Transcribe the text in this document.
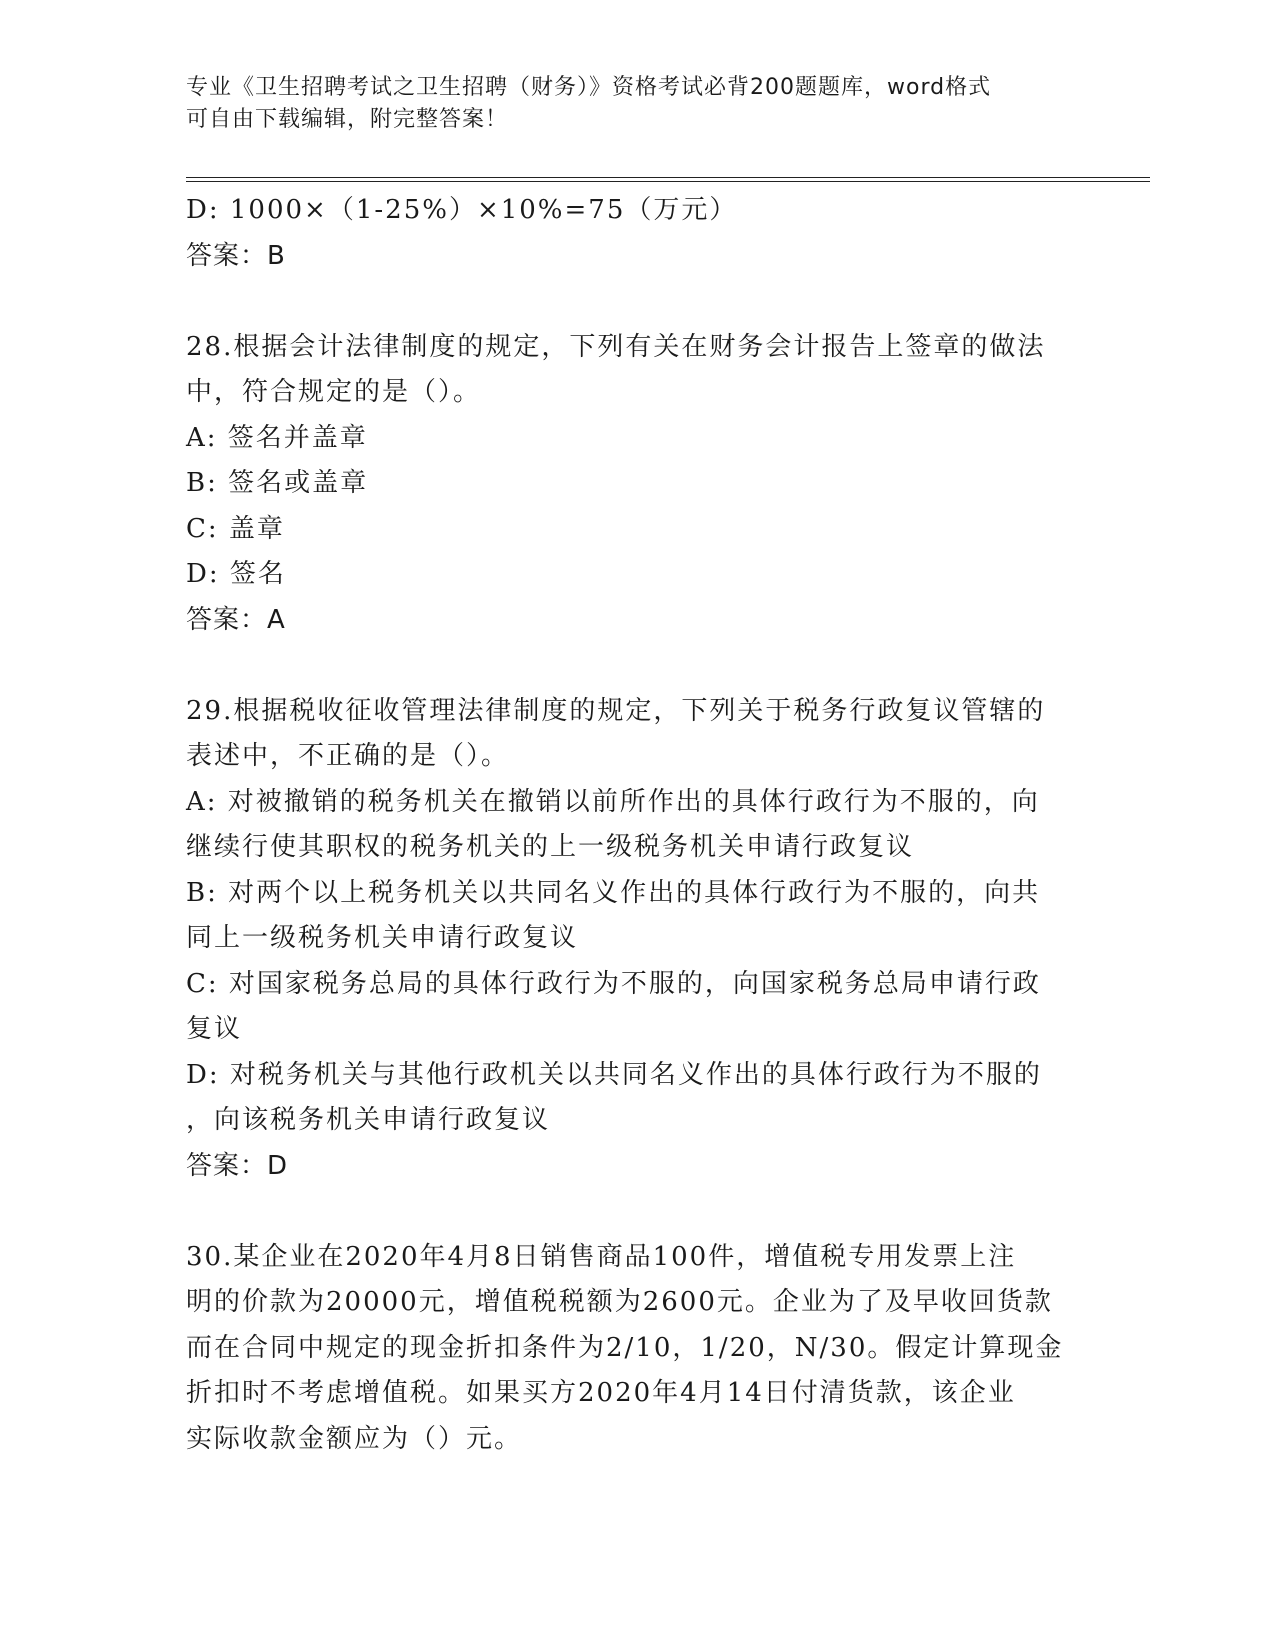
专业《卫生招聘考试之卫生招聘（财务）》资格考试必背200题题库，word格式
可自由下载编辑，附完整答案！
D: 1000×（1-25%）×10%=75（万元）
答案：B
28.根据会计法律制度的规定，下列有关在财务会计报告上签章的做法
中，符合规定的是（）。
A: 签名并盖章
B: 签名或盖章
C: 盖章
D: 签名
答案：A
29.根据税收征收管理法律制度的规定，下列关于税务行政复议管辖的
表述中，不正确的是（）。
A: 对被撤销的税务机关在撤销以前所作出的具体行政行为不服的，向
继续行使其职权的税务机关的上一级税务机关申请行政复议
B: 对两个以上税务机关以共同名义作出的具体行政行为不服的，向共
同上一级税务机关申请行政复议
C: 对国家税务总局的具体行政行为不服的，向国家税务总局申请行政
复议
D: 对税务机关与其他行政机关以共同名义作出的具体行政行为不服的
，向该税务机关申请行政复议
答案：D
30.某企业在2020年4月8日销售商品100件，增值税专用发票上注
明的价款为20000元，增值税税额为2600元。企业为了及早收回货款
而在合同中规定的现金折扣条件为2/10，1/20，N/30。假定计算现金
折扣时不考虑增值税。如果买方2020年4月14日付清货款，该企业
实际收款金额应为（）元。
